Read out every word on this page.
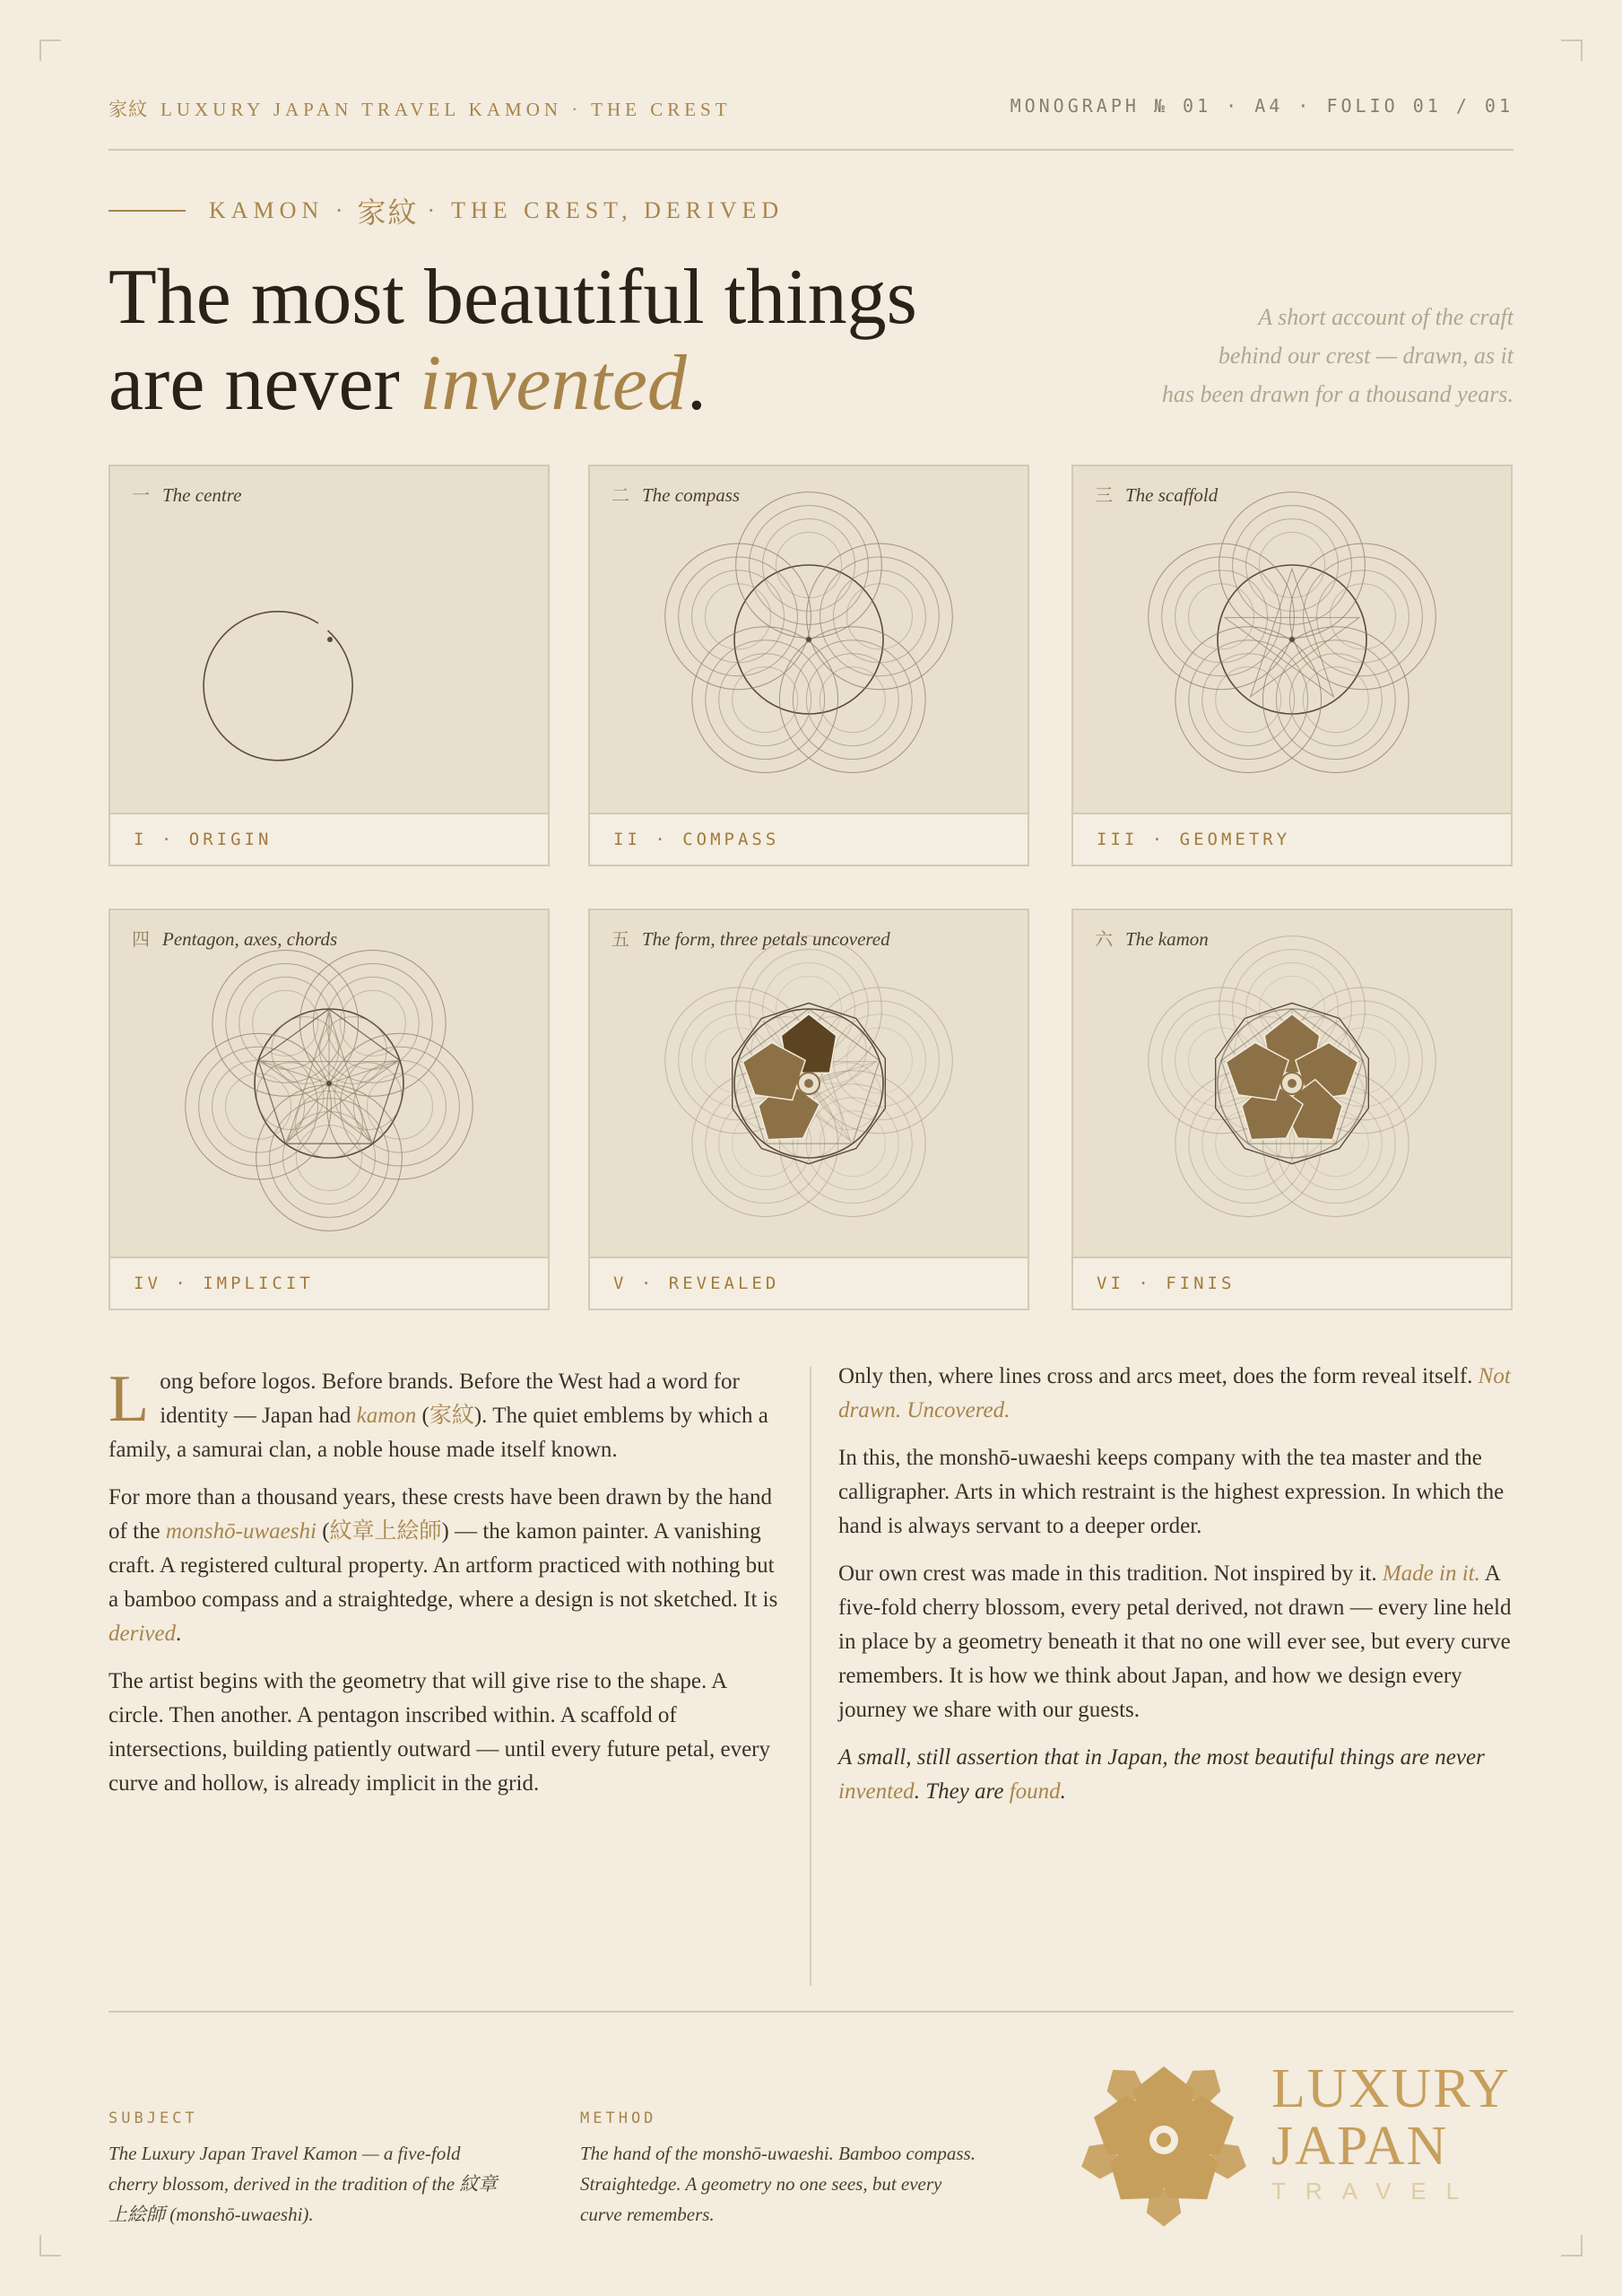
家紋 LUXURY JAPAN TRAVEL KAMON · THE CREST	MONOGRAPH № 01 · A4 · FOLIO 01 / 01
KAMON · 家紋 · THE CREST, DERIVED
The most beautiful things
are never invented.
A short account of the craft
behind our crest — drawn, as it
has been drawn for a thousand years.
一 The centre
I · ORIGIN
二 The compass
II · COMPASS
三 The scaffold
III · GEOMETRY
四 Pentagon, axes, chords
IV · IMPLICIT
五 The form, three petals uncovered
V · REVEALED
六 The kamon
VI · FINIS

Long before logos. Before brands. Before the West had a word for identity — Japan had kamon (家紋). The quiet emblems by which a family, a samurai clan, a noble house made itself known.

For more than a thousand years, these crests have been drawn by the hand of the monshō-uwaeshi (紋章上絵師) — the kamon painter. A vanishing craft. A registered cultural property. An artform practiced with nothing but a bamboo compass and a straightedge, where a design is not sketched. It is derived.

The artist begins with the geometry that will give rise to the shape. A circle. Then another. A pentagon inscribed within. A scaffold of intersections, building patiently outward — until every future petal, every curve and hollow, is already implicit in the grid.

Only then, where lines cross and arcs meet, does the form reveal itself. Not drawn. Uncovered.

In this, the monshō-uwaeshi keeps company with the tea master and the calligrapher. Arts in which restraint is the highest expression. In which the hand is always servant to a deeper order.

Our own crest was made in this tradition. Not inspired by it. Made in it. A five-fold cherry blossom, every petal derived, not drawn — every line held in place by a geometry beneath it that no one will ever see, but every curve remembers. It is how we think about Japan, and how we design every journey we share with our guests.

A small, still assertion that in Japan, the most beautiful things are never invented. They are found.

SUBJECT
The Luxury Japan Travel Kamon — a five-fold cherry blossom, derived in the tradition of the 紋章上絵師 (monshō-uwaeshi).
METHOD
The hand of the monshō-uwaeshi. Bamboo compass. Straightedge. A geometry no one sees, but every curve remembers.
LUXURY
JAPAN
TRAVEL
